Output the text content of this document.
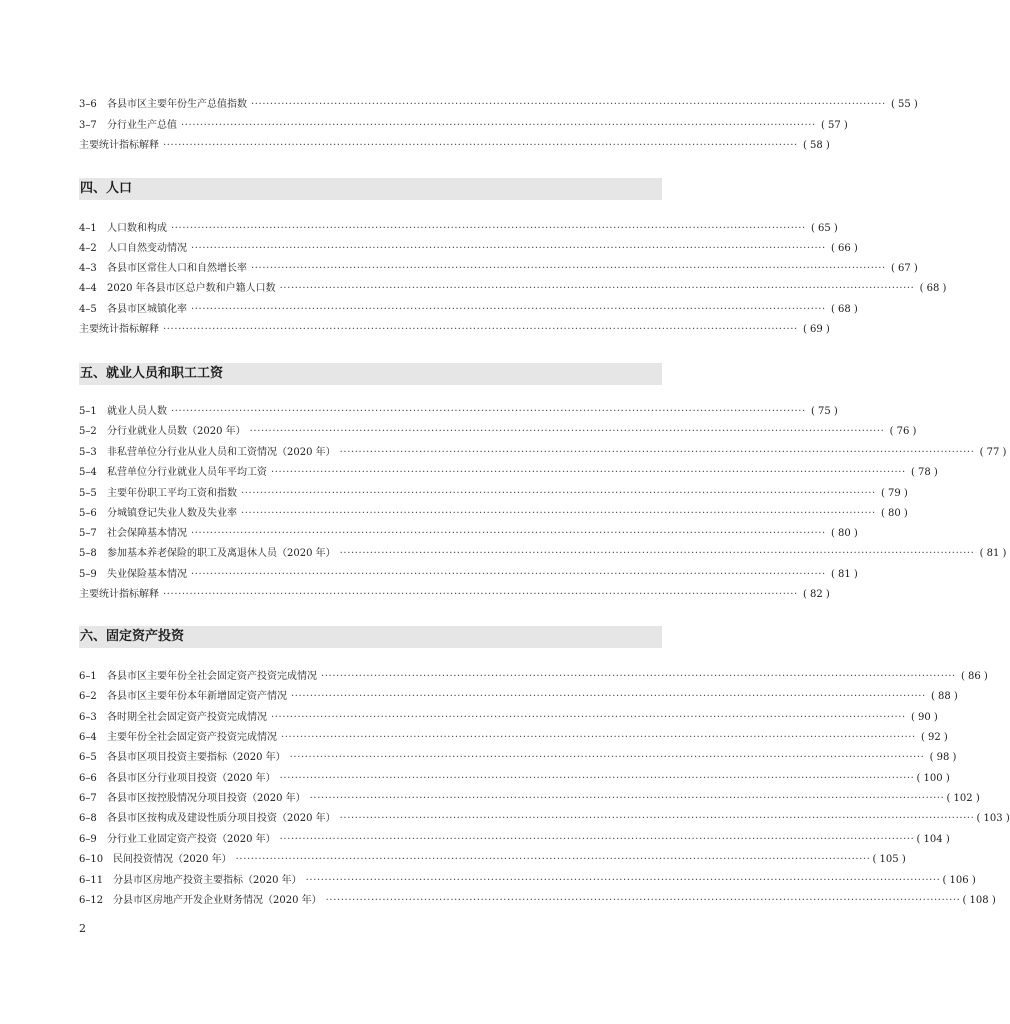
3–6	各县市区主要年份生产总值指数 ········································································································································································ ( 55 )
3–7	分行业生产总值 ········································································································································································ ( 57 )
主要统计指标解释 ········································································································································································ ( 58 )
四、人口
4–1	人口数和构成 ········································································································································································ ( 65 )
4–2	人口自然变动情况 ········································································································································································ ( 66 )
4–3	各县市区常住人口和自然增长率 ········································································································································································ ( 67 )
4–4	2020 年各县市区总户数和户籍人口数 ········································································································································································ ( 68 )
4–5	各县市区城镇化率 ········································································································································································ ( 68 )
主要统计指标解释 ········································································································································································ ( 69 )
五、就业人员和职工工资
5–1	就业人员人数 ········································································································································································ ( 75 )
5–2	分行业就业人员数（2020 年） ········································································································································································ ( 76 )
5–3	非私营单位分行业从业人员和工资情况（2020 年） ········································································································································································ ( 77 )
5–4	私营单位分行业就业人员年平均工资 ········································································································································································ ( 78 )
5–5	主要年份职工平均工资和指数 ········································································································································································ ( 79 )
5–6	分城镇登记失业人数及失业率 ········································································································································································ ( 80 )
5–7	社会保障基本情况 ········································································································································································ ( 80 )
5–8	参加基本养老保险的职工及离退休人员（2020 年） ········································································································································································ ( 81 )
5–9	失业保险基本情况 ········································································································································································ ( 81 )
主要统计指标解释 ········································································································································································ ( 82 )
六、固定资产投资
6–1	各县市区主要年份全社会固定资产投资完成情况 ········································································································································································ ( 86 )
6–2	各县市区主要年份本年新增固定资产情况 ········································································································································································ ( 88 )
6–3	各时期全社会固定资产投资完成情况 ········································································································································································ ( 90 )
6–4	主要年份全社会固定资产投资完成情况 ········································································································································································ ( 92 )
6–5	各县市区项目投资主要指标（2020 年） ········································································································································································ ( 98 )
6–6	各县市区分行业项目投资（2020 年） ········································································································································································ ( 100 )
6–7	各县市区按控股情况分项目投资（2020 年） ········································································································································································ ( 102 )
6–8	各县市区按构成及建设性质分项目投资（2020 年） ········································································································································································ ( 103 )
6–9	分行业工业固定资产投资（2020 年） ········································································································································································ ( 104 )
6–10 民间投资情况（2020 年） ········································································································································································ ( 105 )
6–11 分县市区房地产投资主要指标（2020 年） ········································································································································································ ( 106 )
6–12 分县市区房地产开发企业财务情况（2020 年） ········································································································································································ ( 108 )
2
